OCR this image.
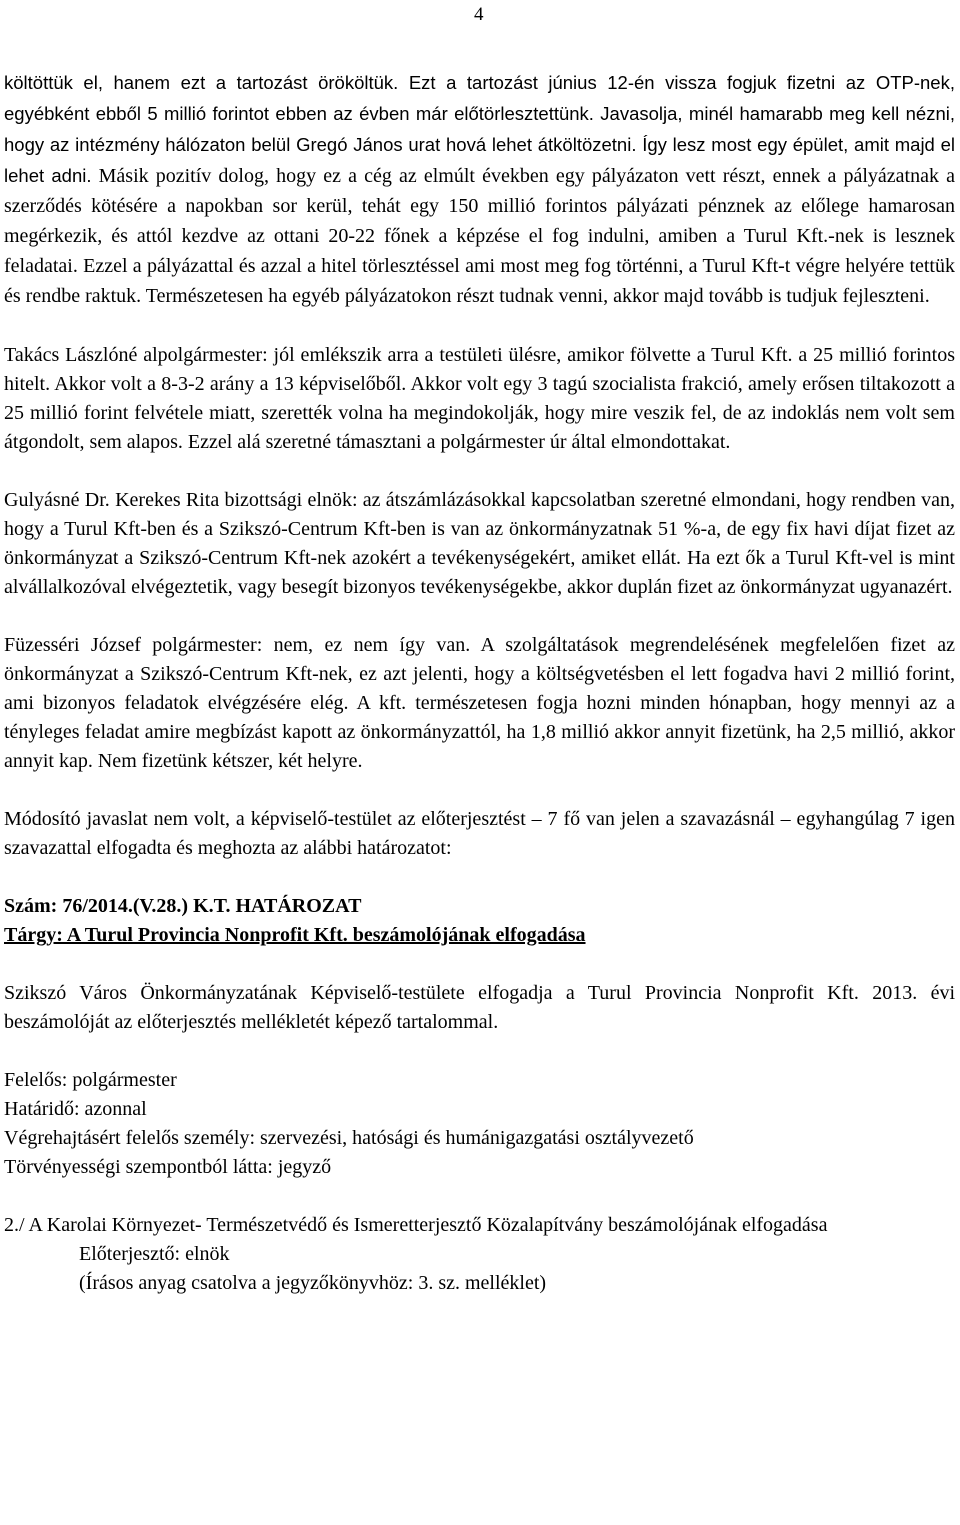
4

költöttük el, hanem ezt a tartozást örököltük. Ezt a tartozást június 12-én vissza fogjuk fizetni az OTP-nek, egyébként ebből 5 millió forintot ebben az évben már előtörlesztettünk. Javasolja, minél hamarabb meg kell nézni, hogy az intézmény hálózaton belül Gregó János urat hová lehet átköltözetni. Így lesz most egy épület, amit majd el lehet adni. Másik pozitív dolog, hogy ez a cég az elmúlt években egy pályázaton vett részt, ennek a pályázatnak a szerződés kötésére a napokban sor kerül, tehát egy 150 millió forintos pályázati pénznek az előlege hamarosan megérkezik, és attól kezdve az ottani 20-22 főnek a képzése el fog indulni, amiben a Turul Kft.-nek is lesznek feladatai. Ezzel a pályázattal és azzal a hitel törlesztéssel ami most meg fog történni, a Turul Kft-t végre helyére tettük és rendbe raktuk. Természetesen ha egyéb pályázatokon részt tudnak venni, akkor majd tovább is tudjuk fejleszteni.

Takács Lászlóné alpolgármester: jól emlékszik arra a testületi ülésre, amikor fölvette a Turul Kft. a 25 millió forintos hitelt. Akkor volt a 8-3-2 arány a 13 képviselőből. Akkor volt egy 3 tagú szocialista frakció, amely erősen tiltakozott a 25 millió forint felvétele miatt, szerették volna ha megindokolják, hogy mire veszik fel, de az indoklás nem volt sem átgondolt, sem alapos. Ezzel alá szeretné támasztani a polgármester úr által elmondottakat.

Gulyásné Dr. Kerekes Rita bizottsági elnök: az átszámlázásokkal kapcsolatban szeretné elmondani, hogy rendben van, hogy a Turul Kft-ben és a Szikszó-Centrum Kft-ben is van az önkormányzatnak 51 %-a, de egy fix havi díjat fizet az önkormányzat a Szikszó-Centrum Kft-nek azokért a tevékenységekért, amiket ellát. Ha ezt ők a Turul Kft-vel is mint alvállalkozóval elvégeztetik, vagy besegít bizonyos tevékenységekbe, akkor duplán fizet az önkormányzat ugyanazért.

Füzesséri József polgármester: nem, ez nem így van. A szolgáltatások megrendelésének megfelelően fizet az önkormányzat a Szikszó-Centrum Kft-nek, ez azt jelenti, hogy a költségvetésben el lett fogadva havi 2 millió forint, ami bizonyos feladatok elvégzésére elég. A kft. természetesen fogja hozni minden hónapban, hogy mennyi az a tényleges feladat amire megbízást kapott az önkormányzattól, ha 1,8 millió akkor annyit fizetünk, ha 2,5 millió, akkor annyit kap. Nem fizetünk kétszer, két helyre.

Módosító javaslat nem volt, a képviselő-testület az előterjesztést – 7 fő van jelen a szavazásnál – egyhangúlag 7 igen szavazattal elfogadta és meghozta az alábbi határozatot:

Szám: 76/2014.(V.28.) K.T. HATÁROZAT

Tárgy: A Turul Provincia Nonprofit Kft. beszámolójának elfogadása

Szikszó Város Önkormányzatának Képviselő-testülete elfogadja a Turul Provincia Nonprofit Kft. 2013. évi beszámolóját az előterjesztés mellékletét képező tartalommal.

Felelős: polgármester

Határidő: azonnal

Végrehajtásért felelős személy: szervezési, hatósági és humánigazgatási osztályvezető

Törvényességi szempontból látta: jegyző

2./ A Karolai Környezet- Természetvédő és Ismeretterjesztő Közalapítvány beszámolójának elfogadása

Előterjesztő: elnök

(Írásos anyag csatolva a jegyzőkönyvhöz: 3. sz. melléklet)
